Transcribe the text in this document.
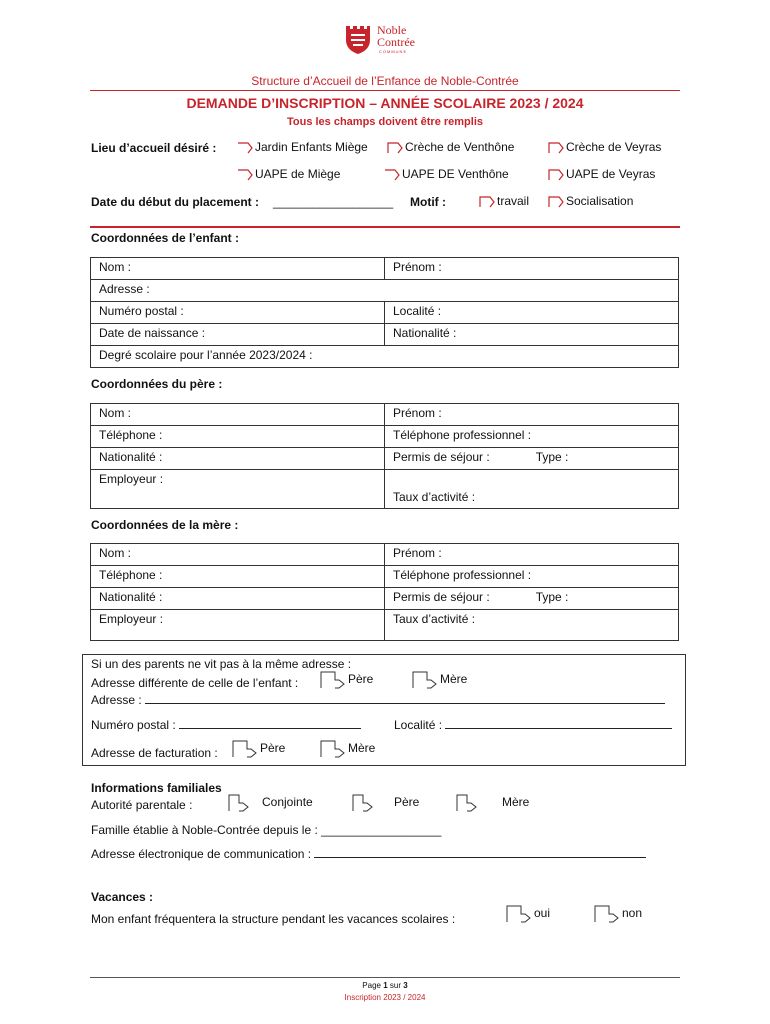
Noble
Contrée
COMMUNE
Structure d’Accueil de l’Enfance de Noble-Contrée
DEMANDE D’INSCRIPTION – ANNÉE SCOLAIRE 2023 / 2024
Tous les champs doivent être remplis
Lieu d’accueil désiré :	Jardin Enfants Miège	Crèche de Venthône	Crèche de Veyras
UAPE de Miège	UAPE DE Venthône	UAPE de Veyras
Date du début du placement : __________________ Motif :	travail	Socialisation
Coordonnées de l’enfant :
Nom :	Prénom :
Adresse :	
Numéro postal :	Localité :
Date de naissance :	Nationalité :
Degré scolaire pour l’année 2023/2024 :	
Coordonnées du père :
Nom :	Prénom :
Téléphone :	Téléphone professionnel :
Nationalité :	Permis de séjour : Type :
Employeur :	Taux d’activité :
Coordonnées de la mère :
Nom :	Prénom :
Téléphone :	Téléphone professionnel :
Nationalité :	Permis de séjour : Type :
Employeur :	Taux d’activité :
Si un des parents ne vit pas à la même adresse :
Adresse différente de celle de l’enfant :	Père	Mère
Adresse :
Numéro postal :	Localité :
Adresse de facturation :	Père	Mère
Informations familiales
Autorité parentale :	Conjointe	Père	Mère
Famille établie à Noble-Contrée depuis le : __________________
Adresse électronique de communication :
Vacances :
Mon enfant fréquentera la structure pendant les vacances scolaires :	oui	non
Page 1 sur 3
Inscription 2023 / 2024
